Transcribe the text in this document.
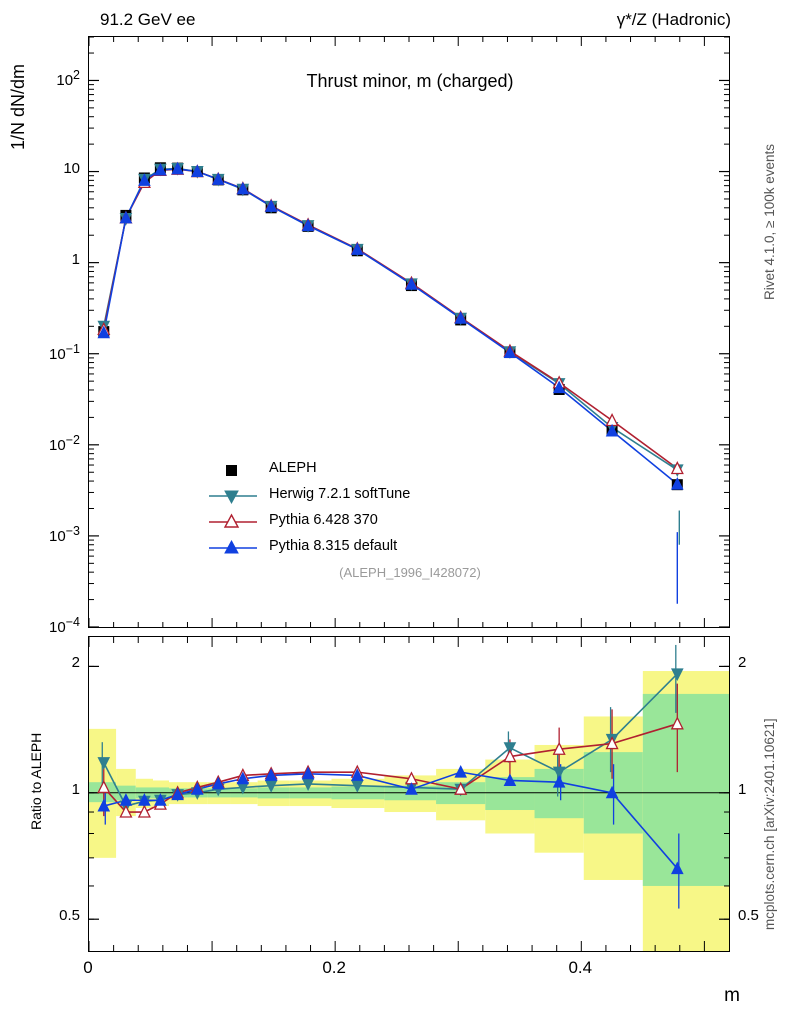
91.2 GeV ee	γ*/Z (Hadronic)
Rivet 4.1.0, ≥ 100k events
mcplots.cern.ch [arXiv:2401.10621]
1/N dN/dm
Ratio to ALEPH
m
Thrust minor, m (charged)
(ALEPH_1996_I428072)
ALEPH
Herwig 7.2.1 softTune
Pythia 6.428 370
Pythia 8.315 default
$10^{-4}$
$10^{-3}$
$10^{-2}$
$10^{-1}$
1
10
$10^2$
0.5	0.5
1	1
2	2
0	0.2	0.4
